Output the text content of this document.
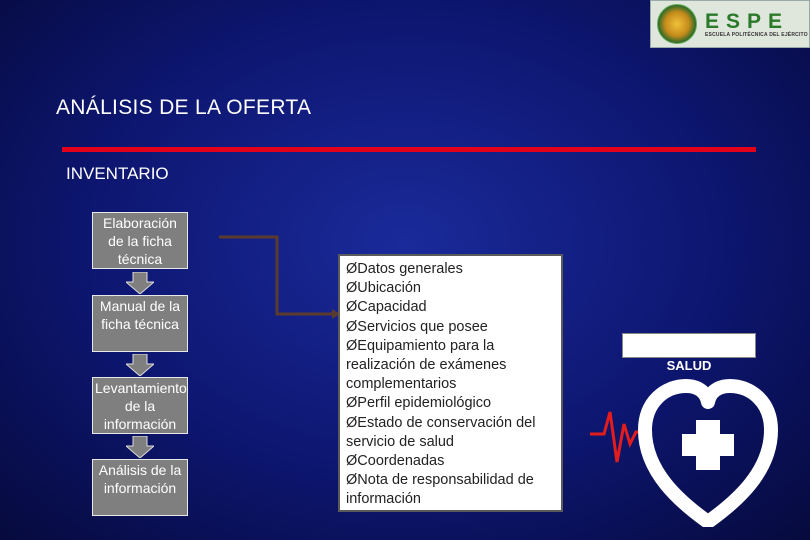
ESPE
ESCUELA POLITÉCNICA DEL EJÉRCITO
ANÁLISIS DE LA OFERTA
INVENTARIO
Elaboración de la ficha técnica
Manual de la ficha técnica
Levantamiento de la información
Análisis de la información
ØDatos generales
ØUbicación
ØCapacidad
ØServicios que posee
ØEquipamiento para la realización de exámenes complementarios
ØPerfil epidemiológico
ØEstado de conservación del servicio de salud
ØCoordenadas
ØNota de responsabilidad de información
SERVICIOS DE SALUD
